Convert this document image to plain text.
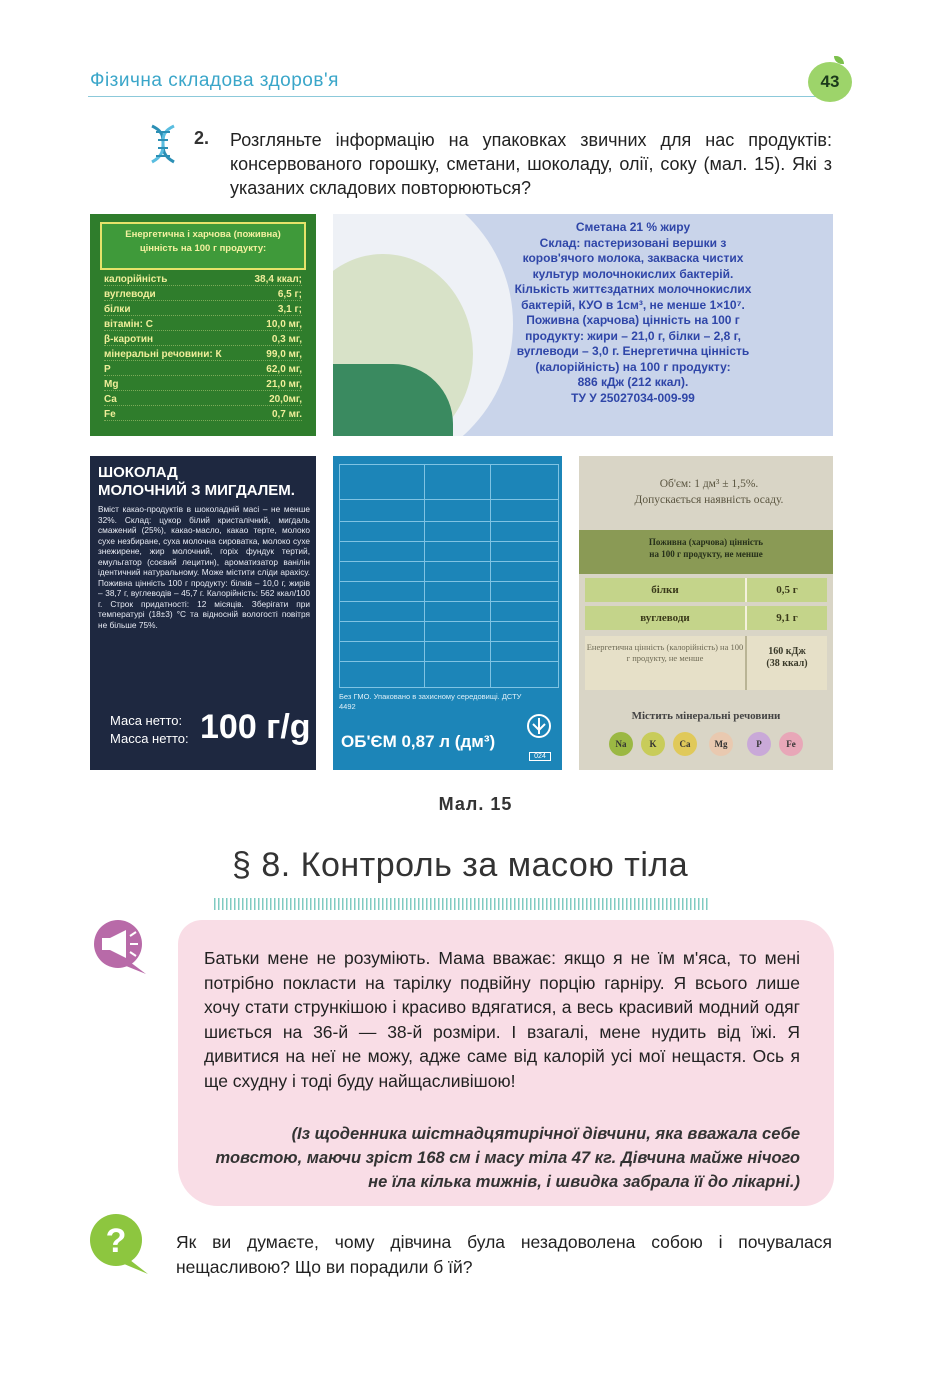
Фізична складова здоров'я	43
2. Розгляньте інформацію на упаковках звичних для нас продуктів: консервованого горошку, сметани, шоколаду, олії, соку (мал. 15). Які з указаних складових повторюються?
Енергетична і харчова (поживна)
цінність на 100 г продукту:
калорійність	38,4 ккал;
вуглеводи	6,5 г;
білки	3,1 г;
вітамін: С	10,0 мг,
β-каротин	0,3 мг,
мінеральні речовини: К	99,0 мг,
Р	62,0 мг,
Mg	21,0 мг,
Ca	20,0мг,
Fe	0,7 мг.
Сметана 21 % жиру
Склад: пастеризовані вершки з
коров'ячого молока, закваска чистих
культур молочнокислих бактерій.
Кількість життєздатних молочнокислих
бактерій, КУО в 1см³, не менше 1×10⁷.
Поживна (харчова) цінність на 100 г
продукту: жири – 21,0 г, білки – 2,8 г,
вуглеводи – 3,0 г. Енергетична цінність
(калорійність) на 100 г продукту:
886 кДж (212 ккал).
ТУ У 25027034-009-99
ШОКОЛАД
МОЛОЧНИЙ З МИГДАЛЕМ.
Вміст какао-продуктів в шоколадній масі – не менше 32%. Склад: цукор білий кристалічний, мигдаль смажений (25%), какао-масло, какао терте, молоко сухе незбиране, суха молочна сироватка, молоко сухе знежирене, жир молочний, горіх фундук тертий, емульгатор (соєвий лецитин), ароматизатор ванілін ідентичний натуральному. Може містити сліди арахісу. Поживна цінність 100 г продукту: білків – 10,0 г, жирів – 38,7 г, вуглеводів – 45,7 г. Калорійність: 562 ккал/100 г. Строк придатності: 12 місяців. Зберігати при температурі (18±3) °С та відносній вологості повітря не більше 75%.
Маса нетто:
Масса нетто: 100 г/g
Без ГМО. Упаковано в захисному середовищі. ДСТУ 4492
ОБ'ЄМ 0,87 л (дм³)
024
Об'єм: 1 дм³ ± 1,5%.
Допускається наявність осаду.
Поживна (харчова) цінність
на 100 г продукту, не менше
білки	0,5 г
вуглеводи	9,1 г
Енергетична цінність (калорійність) на 100 г продукту, не менше
160 кДж
(38 ккал)
Містить мінеральні речовини
Na	K	Ca	Mg	P	Fe
Мал. 15
§ 8. Контроль за масою тіла
Батьки мене не розуміють. Мама вважає: якщо я не їм м'яса, то мені потрібно покласти на тарілку подвійну порцію гарніру. Я всього лише хочу стати стрункішою і красиво вдягатися, а весь красивий модний одяг шиється на 36-й — 38-й розміри. І взагалі, мене нудить від їжі. Я дивитися на неї не можу, адже саме від калорій усі мої нещастя. Ось я ще схудну і тоді буду найщасливішою!
(Із щоденника шістнадцятирічної дівчини, яка вважала себе товстою, маючи зріст 168 см і масу тіла 47 кг. Дівчина майже нічого не їла кілька тижнів, і швидка забрала її до лікарні.)
?	Як ви думаєте, чому дівчина була незадоволена собою і почувалася нещасливою? Що ви порадили б їй?
